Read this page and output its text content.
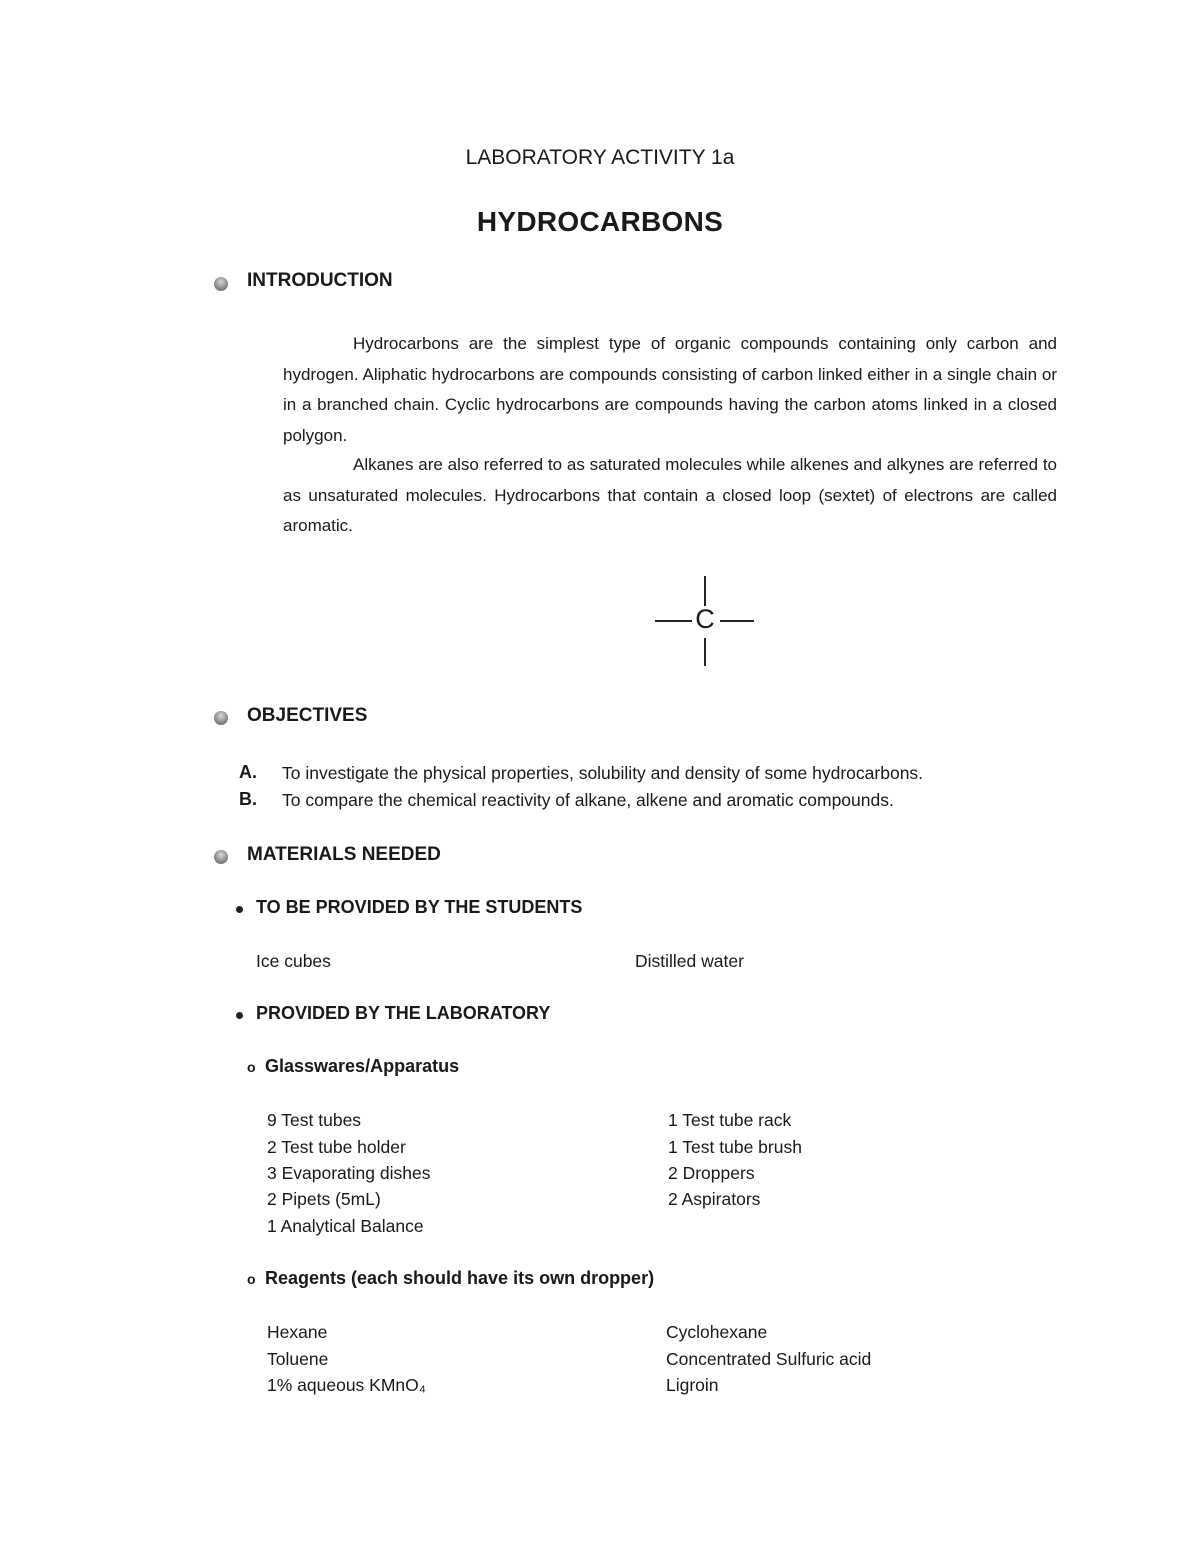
LABORATORY ACTIVITY 1a
HYDROCARBONS
INTRODUCTION

Hydrocarbons are the simplest type of organic compounds containing only carbon and hydrogen. Aliphatic hydrocarbons are compounds consisting of carbon linked either in a single chain or in a branched chain. Cyclic hydrocarbons are compounds having the carbon atoms linked in a closed polygon.

Alkanes are also referred to as saturated molecules while alkenes and alkynes are referred to as unsaturated molecules. Hydrocarbons that contain a closed loop (sextet) of electrons are called aromatic.

C
OBJECTIVES
A. To investigate the physical properties, solubility and density of some hydrocarbons.
B. To compare the chemical reactivity of alkane, alkene and aromatic compounds.
MATERIALS NEEDED
TO BE PROVIDED BY THE STUDENTS
Ice cubes	Distilled water
PROVIDED BY THE LABORATORY
o Glasswares/Apparatus
9 Test tubes
2 Test tube holder
3 Evaporating dishes
2 Pipets (5mL)
1 Analytical Balance
1 Test tube rack
1 Test tube brush
2 Droppers
2 Aspirators
o Reagents (each should have its own dropper)
Hexane
Toluene
1% aqueous KMnO₄
Cyclohexane
Concentrated Sulfuric acid
Ligroin
